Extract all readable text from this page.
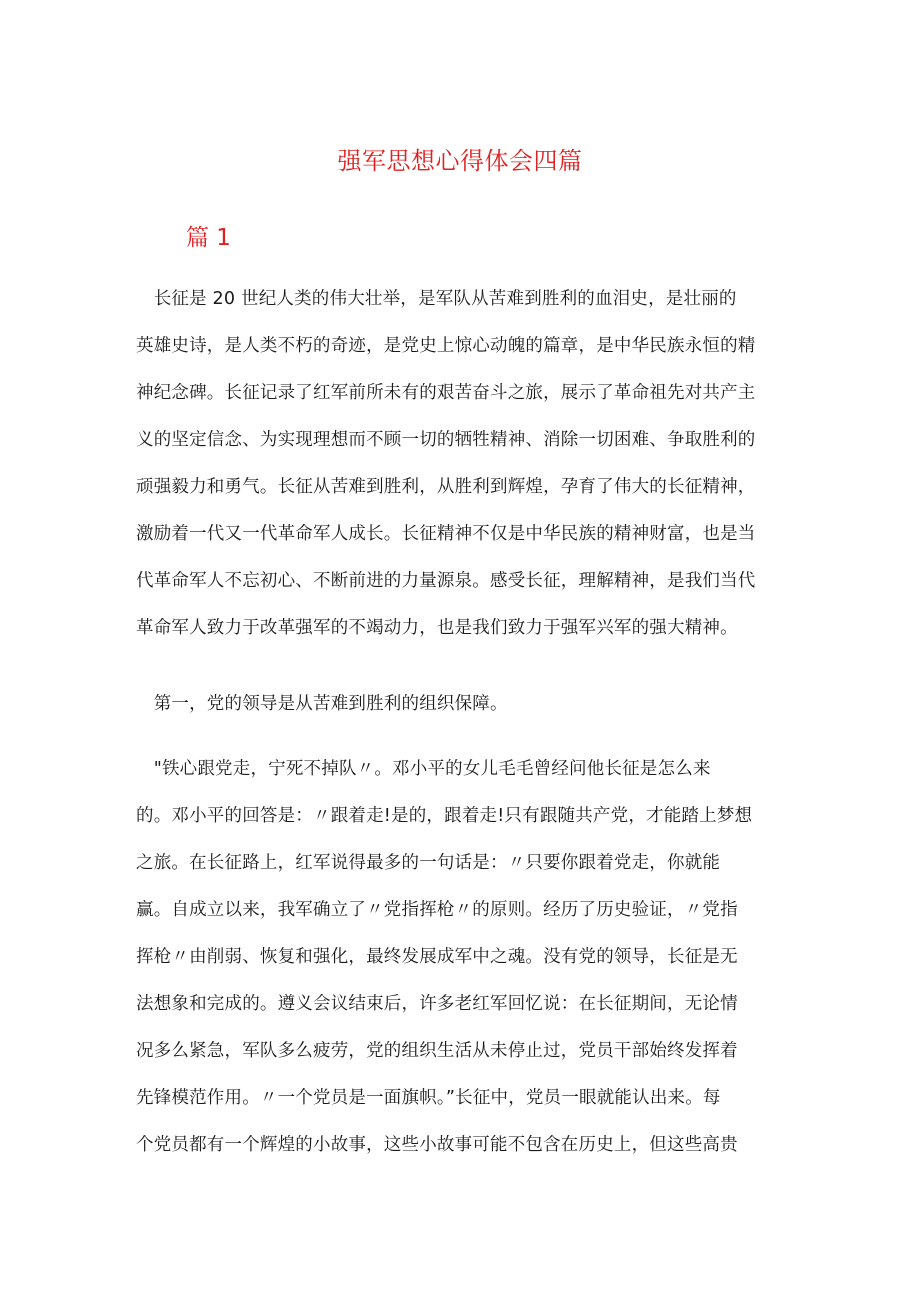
强军思想心得体会四篇
篇 1
　长征是 20 世纪人类的伟大壮举，是军队从苦难到胜利的血泪史，是壮丽的
英雄史诗，是人类不朽的奇迹，是党史上惊心动魄的篇章，是中华民族永恒的精
神纪念碑。长征记录了红军前所未有的艰苦奋斗之旅，展示了革命祖先对共产主
义的坚定信念、为实现理想而不顾一切的牺牲精神、消除一切困难、争取胜利的
顽强毅力和勇气。长征从苦难到胜利，从胜利到辉煌，孕育了伟大的长征精神，
激励着一代又一代革命军人成长。长征精神不仅是中华民族的精神财富，也是当
代革命军人不忘初心、不断前进的力量源泉。感受长征，理解精神，是我们当代
革命军人致力于改革强军的不竭动力，也是我们致力于强军兴军的强大精神。
　第一，党的领导是从苦难到胜利的组织保障。
　"铁心跟党走，宁死不掉队〃。邓小平的女儿毛毛曾经问他长征是怎么来
的。邓小平的回答是：〃跟着走!是的，跟着走!只有跟随共产党，才能踏上梦想
之旅。在长征路上，红军说得最多的一句话是：〃只要你跟着党走，你就能
赢。自成立以来，我军确立了〃党指挥枪〃的原则。经历了历史验证，〃党指
挥枪〃由削弱、恢复和强化，最终发展成军中之魂。没有党的领导，长征是无
法想象和完成的。遵义会议结束后，许多老红军回忆说：在长征期间，无论情
况多么紧急，军队多么疲劳，党的组织生活从未停止过，党员干部始终发挥着
先锋模范作用。〃一个党员是一面旗帜。”长征中，党员一眼就能认出来。每
个党员都有一个辉煌的小故事，这些小故事可能不包含在历史上，但这些高贵
